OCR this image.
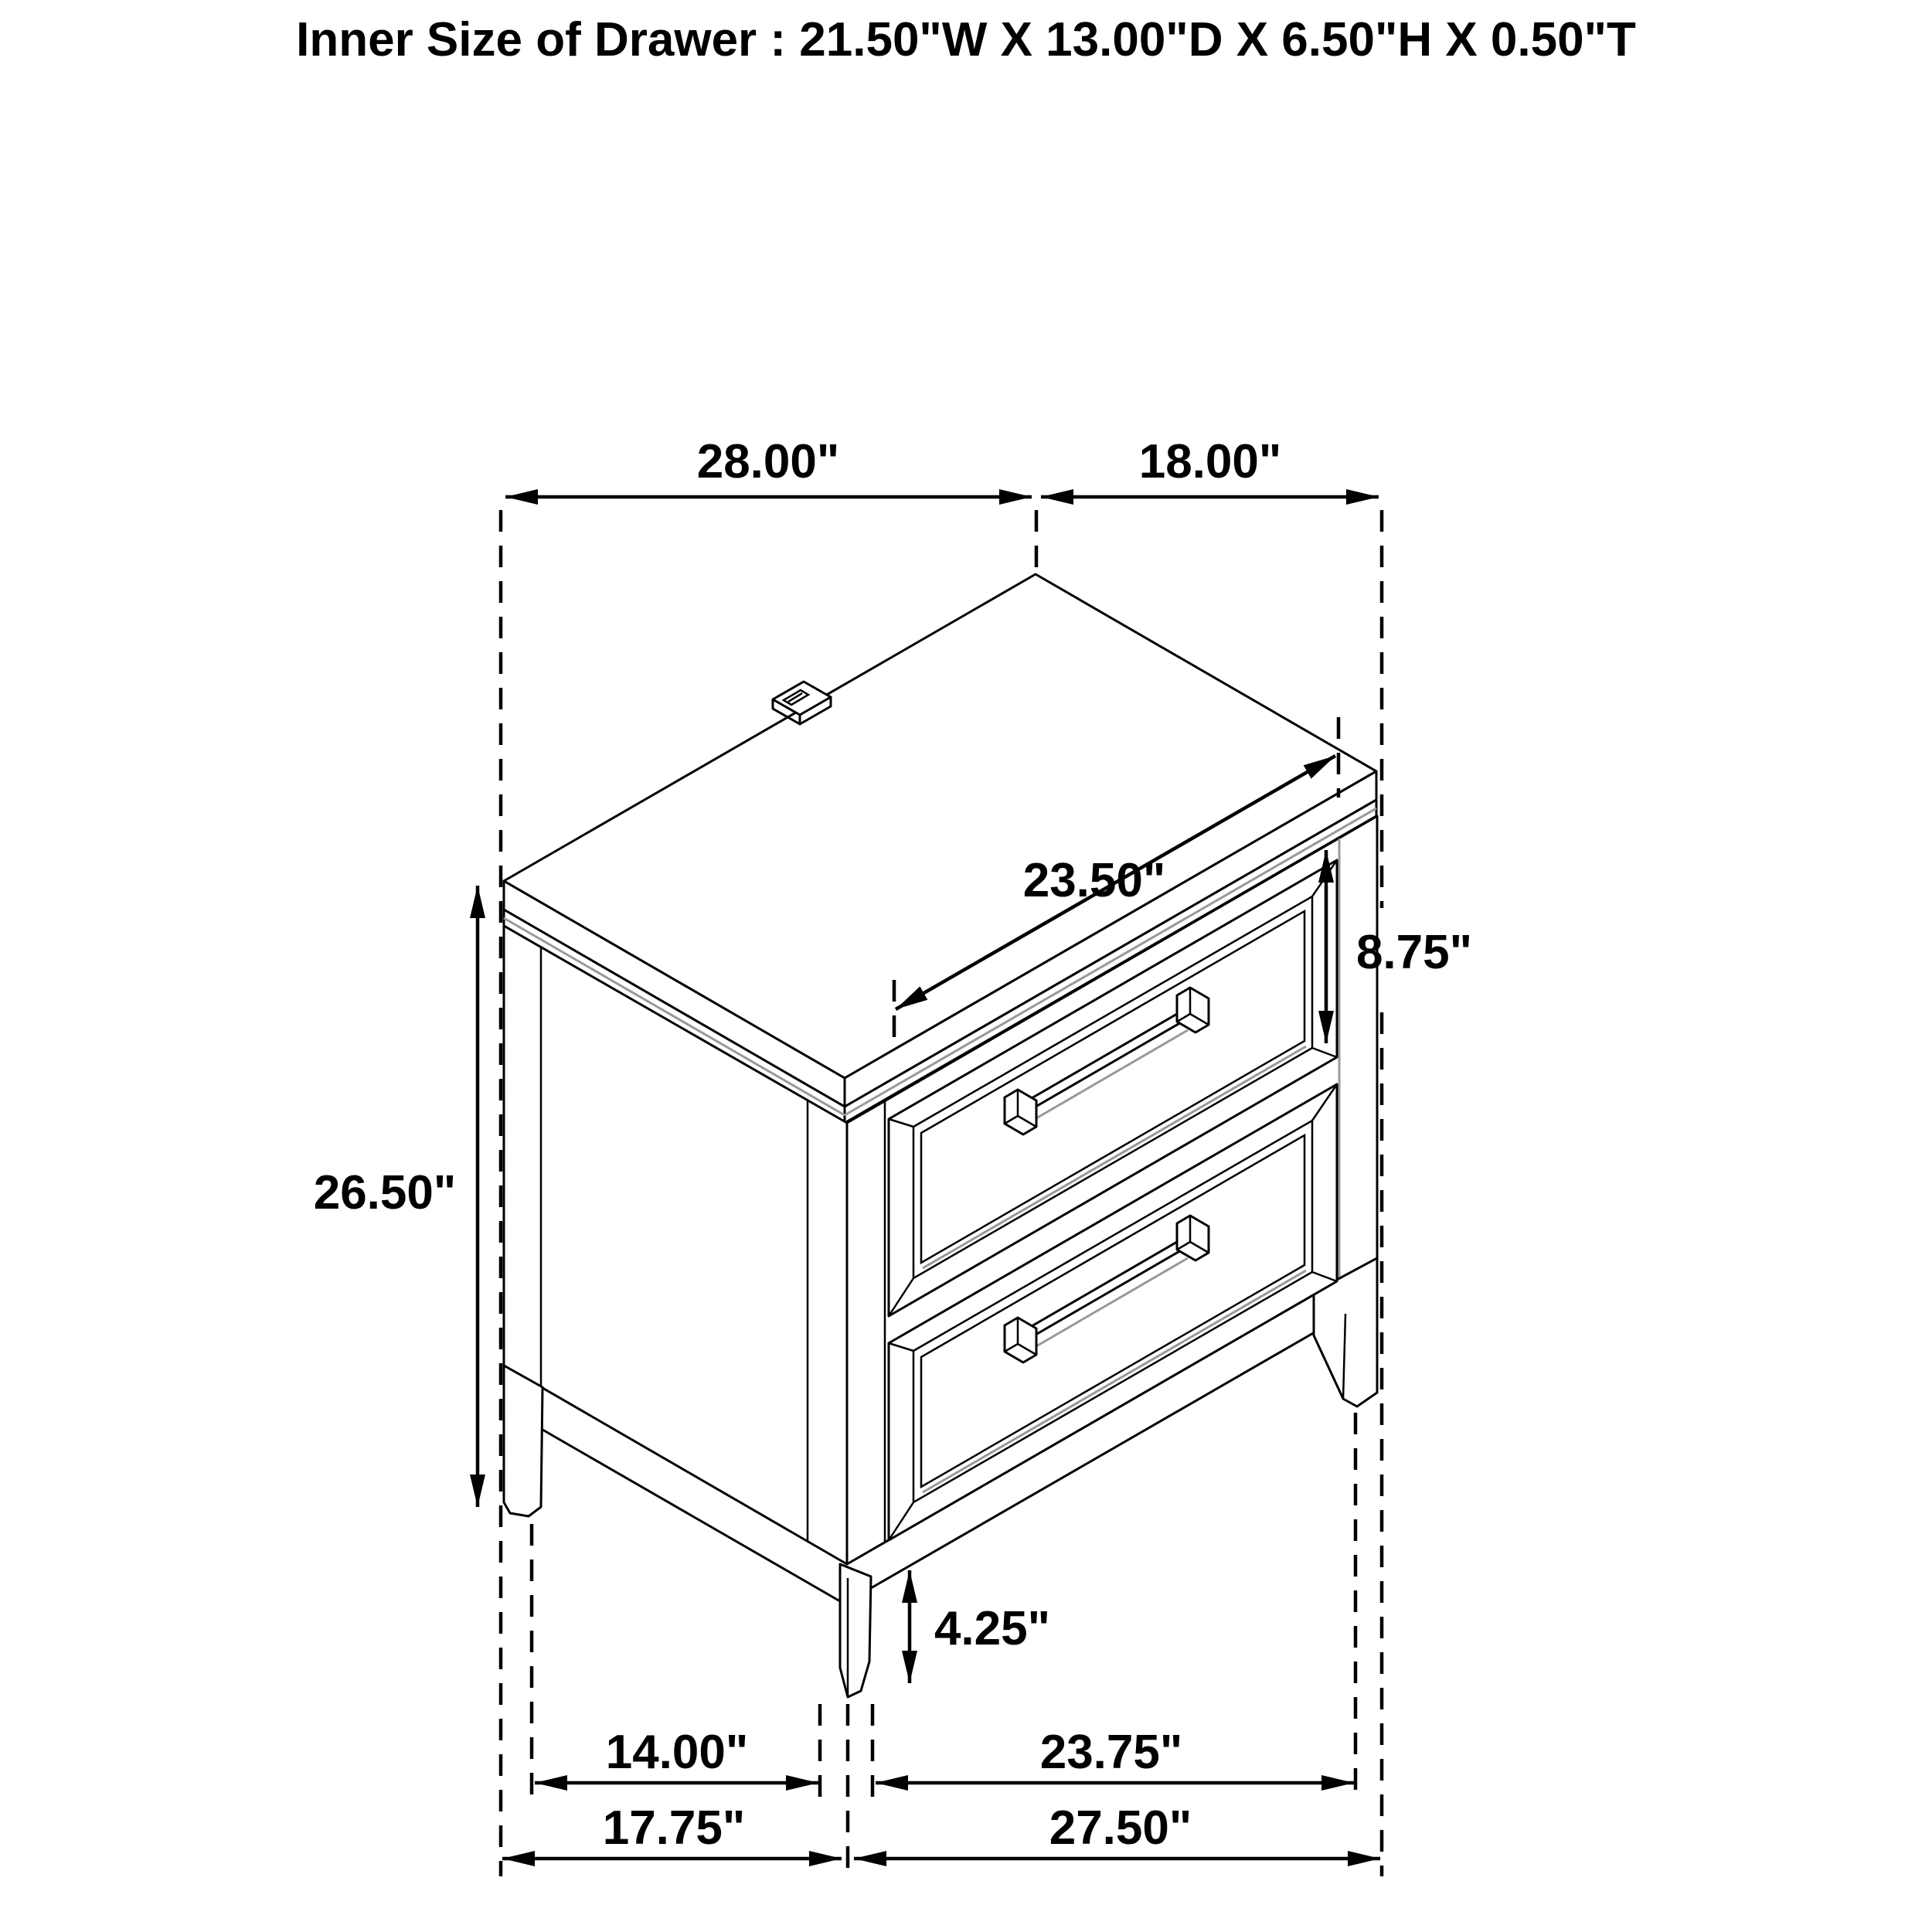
Inner Size of Drawer : 21.50"W X 13.00"D X 6.50"H X 0.50"T
28.00"	18.00"
26.50"
23.50"
8.75"
4.25"
14.00"	23.75"
17.75"	27.50"
